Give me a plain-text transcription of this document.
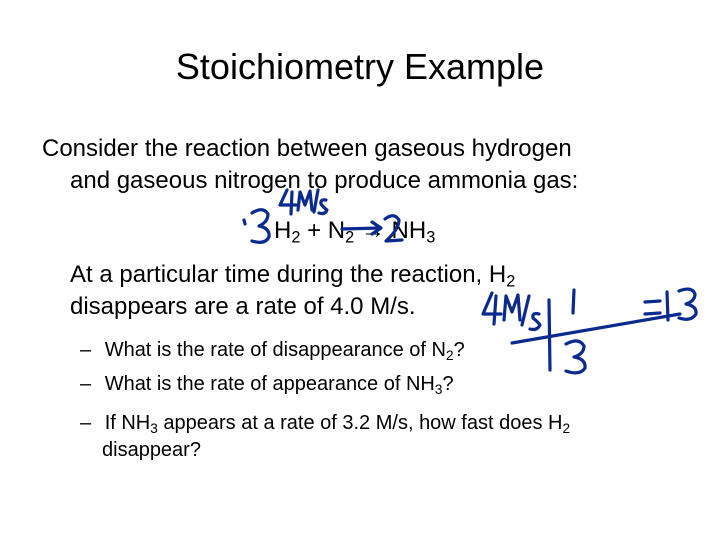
Stoichiometry Example
Consider the reaction between gaseous hydrogen
and gaseous nitrogen to produce ammonia gas:
$H_2 + N_2 \to NH_3$
At a particular time during the reaction, $H_2$
disappears are a rate of 4.0 M/s.
– What is the rate of disappearance of $N_2$?
– What is the rate of appearance of $NH_3$?
– If $NH_3$ appears at a rate of 3.2 M/s, how fast does $H_2$
disappear?
